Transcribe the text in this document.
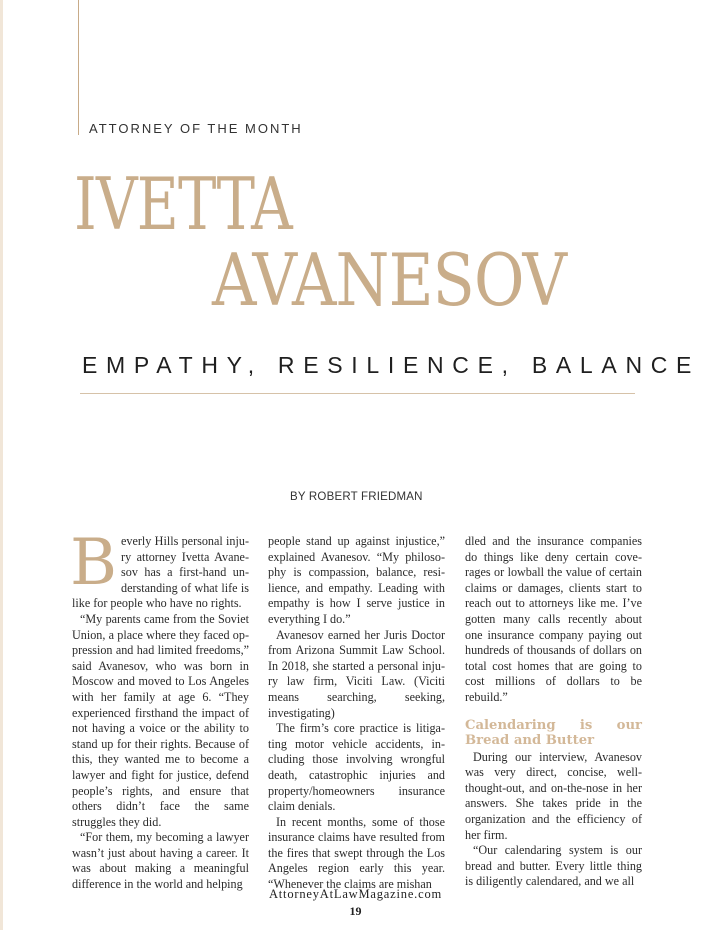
ATTORNEY OF THE MONTH
IVETTA
AVANESOV
EMPATHY, RESILIENCE, BALANCE
BY ROBERT FRIEDMAN

Beverly Hills personal injury attorney Ivetta Avanesov has a first-hand understanding of what life is like for people who have no rights.

“My parents came from the Soviet Union, a place where they faced oppression and had limited freedoms,” said Avanesov, who was born in Moscow and moved to Los Angeles with her family at age 6. “They experienced firsthand the impact of not having a voice or the ability to stand up for their rights. Because of this, they wanted me to become a lawyer and fight for justice, defend people’s rights, and ensure that others didn’t face the same struggles they did.

“For them, my becoming a lawyer wasn’t just about having a career. It was about making a meaningful difference in the world and helping

people stand up against injustice,” explained Avanesov. “My philosophy is compassion, balance, resilience, and empathy. Leading with empathy is how I serve justice in everything I do.”

Avanesov earned her Juris Doctor from Arizona Summit Law School. In 2018, she started a personal injury law firm, Viciti Law. (Viciti means searching, seeking, investigating)

The firm’s core practice is litigating motor vehicle accidents, including those involving wrongful death, catastrophic injuries and property/homeowners insurance claim denials.

In recent months, some of those insurance claims have resulted from the fires that swept through the Los Angeles region early this year. “Whenever the claims are mishan

dled and the insurance companies do things like deny certain coverages or lowball the value of certain claims or damages, clients start to reach out to attorneys like me. I’ve gotten many calls recently about one insurance company paying out hundreds of thousands of dollars on total cost homes that are going to cost millions of dollars to be rebuild.”

Calendaring is our Bread and Butter

During our interview, Avanesov was very direct, concise, well-thought-out, and on-the-nose in her answers. She takes pride in the organization and the efficiency of her firm.

“Our calendaring system is our bread and butter. Every little thing is diligently calendared, and we all

AttorneyAtLawMagazine.com
19
